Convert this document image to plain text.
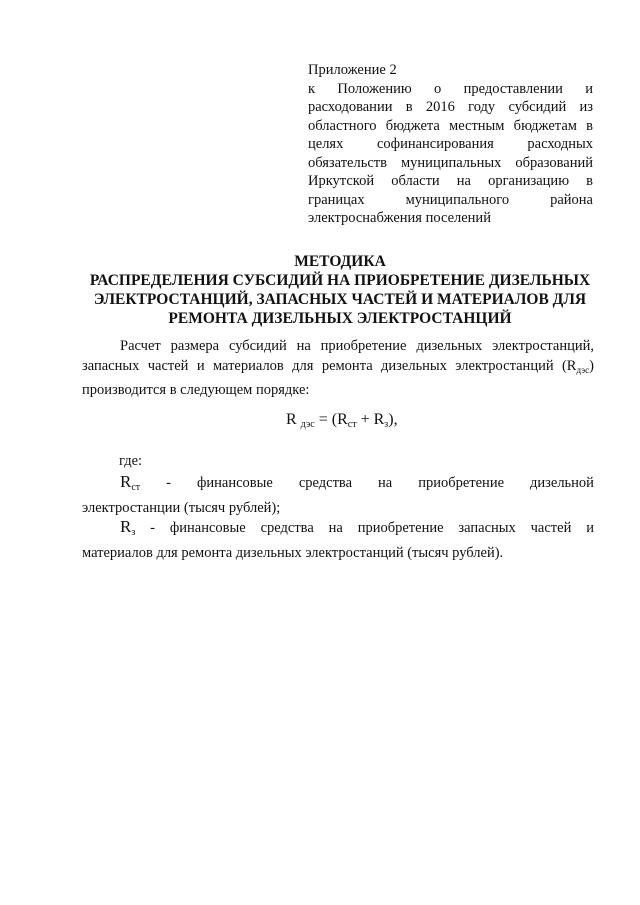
Приложение 2
к Положению о предоставлении и
расходовании в 2016 году субсидий из
областного бюджета местным бюджетам в
целях софинансирования расходных
обязательств муниципальных образований
Иркутской области на организацию в
границах муниципального района
электроснабжения поселений
МЕТОДИКА
РАСПРЕДЕЛЕНИЯ СУБСИДИЙ НА ПРИОБРЕТЕНИЕ ДИЗЕЛЬНЫХ
ЭЛЕКТРОСТАНЦИЙ, ЗАПАСНЫХ ЧАСТЕЙ И МАТЕРИАЛОВ ДЛЯ
РЕМОНТА ДИЗЕЛЬНЫХ ЭЛЕКТРОСТАНЦИЙ
Расчет размера субсидий на приобретение дизельных электростанций, запасных частей и материалов для ремонта дизельных электростанций $(R_{дэс})$ производится в следующем порядке:
R $_{дэс} = (R_{ст} + R_з)$,
где:
$R_{ст}$ - финансовые средства на приобретение дизельной
электростанции (тысяч рублей);
$R_з$ - финансовые средства на приобретение запасных частей и
материалов для ремонта дизельных электростанций (тысяч рублей).
